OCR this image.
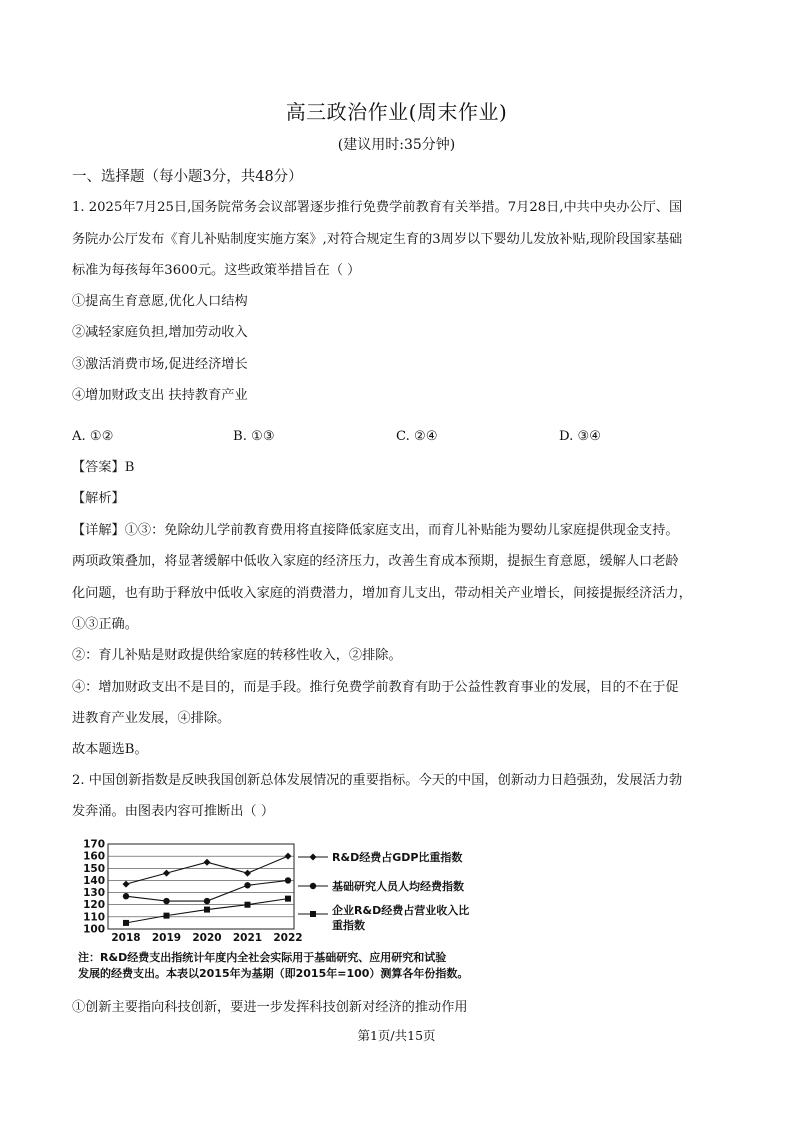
高三政治作业(周末作业)
(建议用时:35分钟)
一、选择题（每小题3分，共48分）
1. 2025年7月25日,国务院常务会议部署逐步推行免费学前教育有关举措。7月28日,中共中央办公厅、国
务院办公厅发布《育儿补贴制度实施方案》,对符合规定生育的3周岁以下婴幼儿发放补贴,现阶段国家基础
标准为每孩每年3600元。这些政策举措旨在（ ）
①提高生育意愿,优化人口结构
②减轻家庭负担,增加劳动收入
③激活消费市场,促进经济增长
④增加财政支出 扶持教育产业
A. ①②	B. ①③	C. ②④	D. ③④
【答案】B
【解析】
【详解】①③：免除幼儿学前教育费用将直接降低家庭支出，而育儿补贴能为婴幼儿家庭提供现金支持。
两项政策叠加，将显著缓解中低收入家庭的经济压力，改善生育成本预期，提振生育意愿，缓解人口老龄
化问题，也有助于释放中低收入家庭的消费潜力，增加育儿支出，带动相关产业增长，间接提振经济活力，
①③正确。
②：育儿补贴是财政提供给家庭的转移性收入，②排除。
④：增加财政支出不是目的，而是手段。推行免费学前教育有助于公益性教育事业的发展，目的不在于促
进教育产业发展，④排除。
故本题选B。
2. 中国创新指数是反映我国创新总体发展情况的重要指标。今天的中国，创新动力日趋强劲，发展活力勃
发奔涌。由图表内容可推断出（ ）
100
110
120
130
140
150
160
170
2018 2019 2020 2021 2022
R&D经费占GDP比重指数
基础研究人员人均经费指数
企业R&D经费占营业收入比
重指数
注：R&D经费支出指统计年度内全社会实际用于基础研究、应用研究和试验
发展的经费支出。本表以2015年为基期（即2015年=100）测算各年份指数。
①创新主要指向科技创新，要进一步发挥科技创新对经济的推动作用
第1页/共15页
